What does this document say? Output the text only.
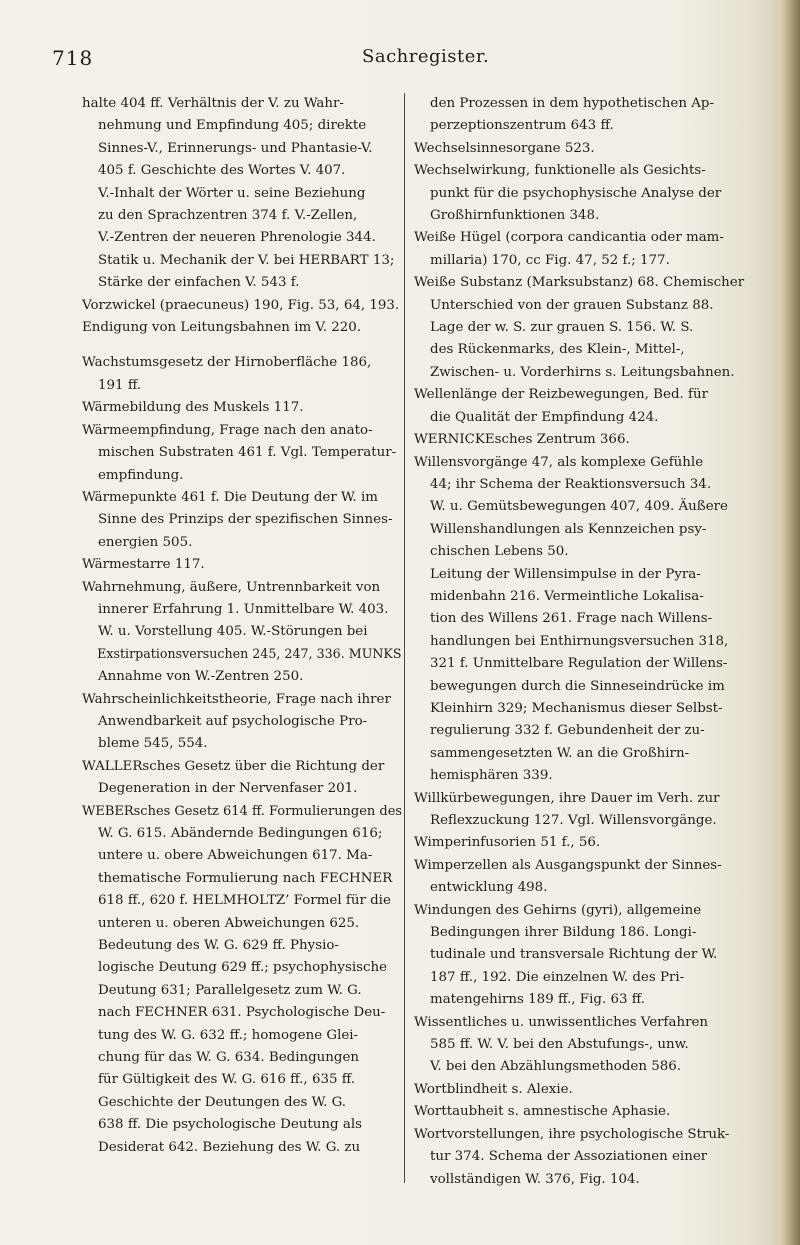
718	Sachregister.
halte 404 ff. Verhältnis der V. zu Wahr-
nehmung und Empfindung 405; direkte
Sinnes-V., Erinnerungs- und Phantasie-V.
405 f. Geschichte des Wortes V. 407.
V.-Inhalt der Wörter u. seine Beziehung
zu den Sprachzentren 374 f. V.-Zellen,
V.-Zentren der neueren Phrenologie 344.
Statik u. Mechanik der V. bei HERBART 13;
Stärke der einfachen V. 543 f.
Vorzwickel (praecuneus) 190, Fig. 53, 64, 193.
Endigung von Leitungsbahnen im V. 220.
Wachstumsgesetz der Hirnoberfläche 186,
191 ff.
Wärmebildung des Muskels 117.
Wärmeempfindung, Frage nach den anato-
mischen Substraten 461 f. Vgl. Temperatur-
empfindung.
Wärmepunkte 461 f. Die Deutung der W. im
Sinne des Prinzips der spezifischen Sinnes-
energien 505.
Wärmestarre 117.
Wahrnehmung, äußere, Untrennbarkeit von
innerer Erfahrung 1. Unmittelbare W. 403.
W. u. Vorstellung 405. W.-Störungen bei
Exstirpationsversuchen 245, 247, 336. MUNKS
Annahme von W.-Zentren 250.
Wahrscheinlichkeitstheorie, Frage nach ihrer
Anwendbarkeit auf psychologische Pro-
bleme 545, 554.
WALLERsches Gesetz über die Richtung der
Degeneration in der Nervenfaser 201.
WEBERsches Gesetz 614 ff. Formulierungen des
W. G. 615. Abändernde Bedingungen 616;
untere u. obere Abweichungen 617. Ma-
thematische Formulierung nach FECHNER
618 ff., 620 f. HELMHOLTZ’ Formel für die
unteren u. oberen Abweichungen 625.
Bedeutung des W. G. 629 ff. Physio-
logische Deutung 629 ff.; psychophysische
Deutung 631; Parallelgesetz zum W. G.
nach FECHNER 631. Psychologische Deu-
tung des W. G. 632 ff.; homogene Glei-
chung für das W. G. 634. Bedingungen
für Gültigkeit des W. G. 616 ff., 635 ff.
Geschichte der Deutungen des W. G.
638 ff. Die psychologische Deutung als
Desiderat 642. Beziehung des W. G. zu
den Prozessen in dem hypothetischen Ap-
perzeptionszentrum 643 ff.
Wechselsinnesorgane 523.
Wechselwirkung, funktionelle als Gesichts-
punkt für die psychophysische Analyse der
Großhirnfunktionen 348.
Weiße Hügel (corpora candicantia oder mam-
millaria) 170, cc Fig. 47, 52 f.; 177.
Weiße Substanz (Marksubstanz) 68. Chemischer
Unterschied von der grauen Substanz 88.
Lage der w. S. zur grauen S. 156. W. S.
des Rückenmarks, des Klein-, Mittel-,
Zwischen- u. Vorderhirns s. Leitungsbahnen.
Wellenlänge der Reizbewegungen, Bed. für
die Qualität der Empfindung 424.
WERNICKEsches Zentrum 366.
Willensvorgänge 47, als komplexe Gefühle
44; ihr Schema der Reaktionsversuch 34.
W. u. Gemütsbewegungen 407, 409. Äußere
Willenshandlungen als Kennzeichen psy-
chischen Lebens 50.
Leitung der Willensimpulse in der Pyra-
midenbahn 216. Vermeintliche Lokalisa-
tion des Willens 261. Frage nach Willens-
handlungen bei Enthirnungsversuchen 318,
321 f. Unmittelbare Regulation der Willens-
bewegungen durch die Sinneseindrücke im
Kleinhirn 329; Mechanismus dieser Selbst-
regulierung 332 f. Gebundenheit der zu-
sammengesetzten W. an die Großhirn-
hemisphären 339.
Willkürbewegungen, ihre Dauer im Verh. zur
Reflexzuckung 127. Vgl. Willensvorgänge.
Wimperinfusorien 51 f., 56.
Wimperzellen als Ausgangspunkt der Sinnes-
entwicklung 498.
Windungen des Gehirns (gyri), allgemeine
Bedingungen ihrer Bildung 186. Longi-
tudinale und transversale Richtung der W.
187 ff., 192. Die einzelnen W. des Pri-
matengehirns 189 ff., Fig. 63 ff.
Wissentliches u. unwissentliches Verfahren
585 ff. W. V. bei den Abstufungs-, unw.
V. bei den Abzählungsmethoden 586.
Wortblindheit s. Alexie.
Worttaubheit s. amnestische Aphasie.
Wortvorstellungen, ihre psychologische Struk-
tur 374. Schema der Assoziationen einer
vollständigen W. 376, Fig. 104.
